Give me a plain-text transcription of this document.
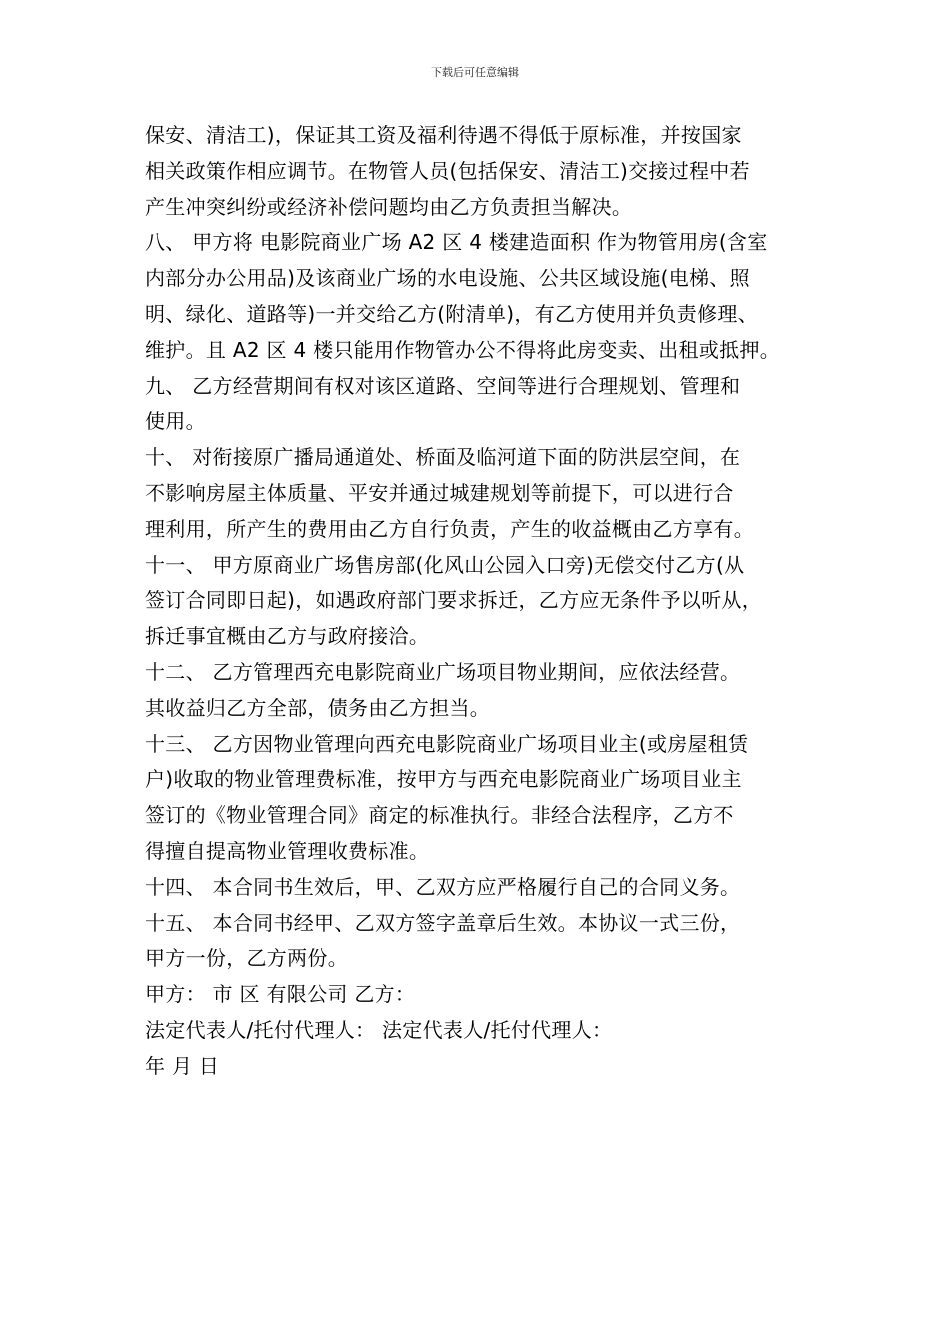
下载后可任意编辑
保安、清洁工)，保证其工资及福利待遇不得低于原标准，并按国家
相关政策作相应调节。在物管人员(包括保安、清洁工)交接过程中若
产生冲突纠纷或经济补偿问题均由乙方负责担当解决。
八、 甲方将 电影院商业广场 A2 区 4 楼建造面积 作为物管用房(含室
内部分办公用品)及该商业广场的水电设施、公共区域设施(电梯、照
明、绿化、道路等)一并交给乙方(附清单)，有乙方使用并负责修理、
维护。且 A2 区 4 楼只能用作物管办公不得将此房变卖、出租或抵押。
九、 乙方经营期间有权对该区道路、空间等进行合理规划、管理和
使用。
十、 对衔接原广播局通道处、桥面及临河道下面的防洪层空间，在
不影响房屋主体质量、平安并通过城建规划等前提下，可以进行合
理利用，所产生的费用由乙方自行负责，产生的收益概由乙方享有。
十一、 甲方原商业广场售房部(化风山公园入口旁)无偿交付乙方(从
签订合同即日起)，如遇政府部门要求拆迁，乙方应无条件予以听从，
拆迁事宜概由乙方与政府接洽。
十二、 乙方管理西充电影院商业广场项目物业期间，应依法经营。
其收益归乙方全部，债务由乙方担当。
十三、 乙方因物业管理向西充电影院商业广场项目业主(或房屋租赁
户)收取的物业管理费标准，按甲方与西充电影院商业广场项目业主
签订的《物业管理合同》商定的标准执行。非经合法程序，乙方不
得擅自提高物业管理收费标准。
十四、 本合同书生效后，甲、乙双方应严格履行自己的合同义务。
十五、 本合同书经甲、乙双方签字盖章后生效。本协议一式三份，
甲方一份，乙方两份。
甲方： 市 区 有限公司 乙方：
法定代表人/托付代理人： 法定代表人/托付代理人：
年 月 日
